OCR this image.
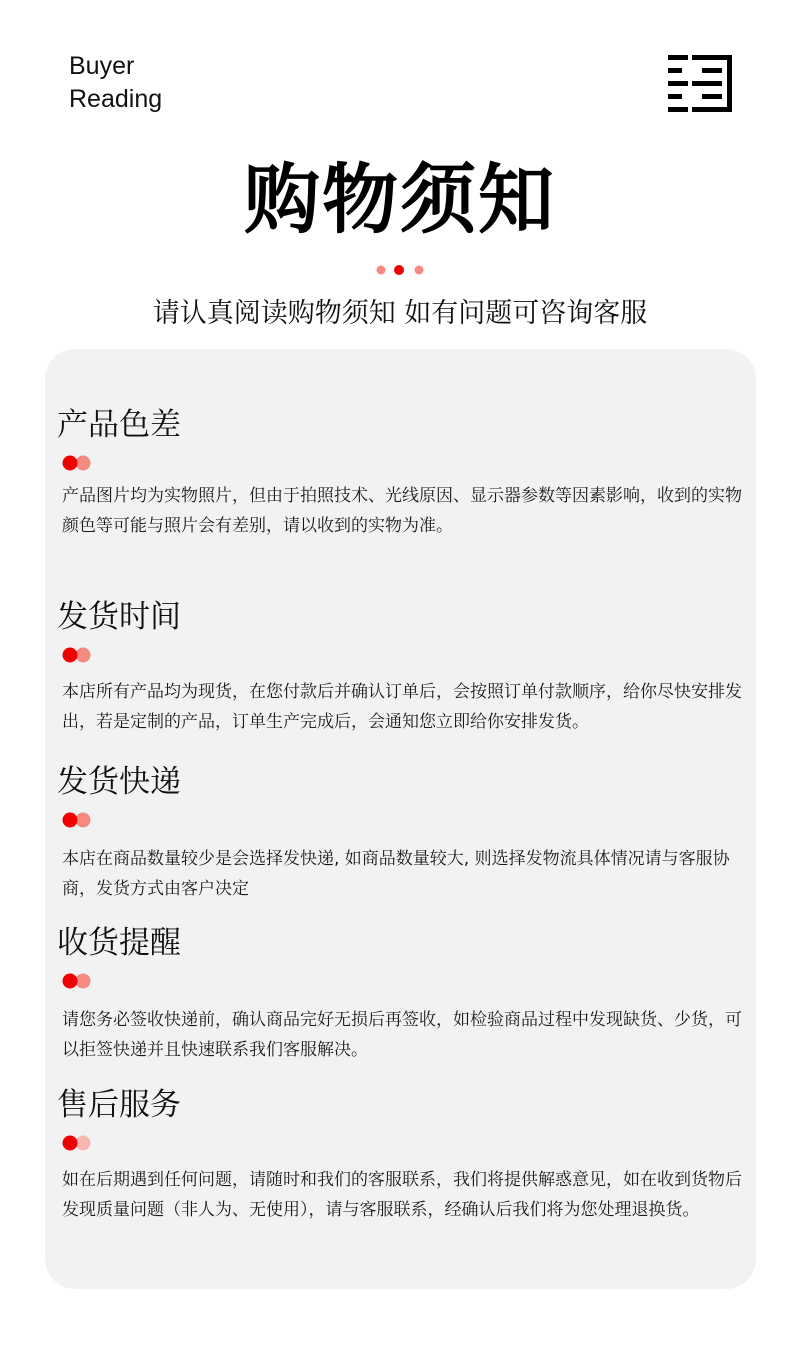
Buyer
Reading
购物须知
请认真阅读购物须知 如有问题可咨询客服
产品色差
产品图片均为实物照片，但由于拍照技术、光线原因、显示器参数等因素影响，收到的实物颜色等可能与照片会有差别，请以收到的实物为准。
发货时间
本店所有产品均为现货，在您付款后并确认订单后，会按照订单付款顺序，给你尽快安排发出，若是定制的产品，订单生产完成后，会通知您立即给你安排发货。
发货快递
本店在商品数量较少是会选择发快递, 如商品数量较大, 则选择发物流具体情况请与客服协商，发货方式由客户决定
收货提醒
请您务必签收快递前，确认商品完好无损后再签收，如检验商品过程中发现缺货、少货，可以拒签快递并且快速联系我们客服解决。
售后服务
如在后期遇到任何问题，请随时和我们的客服联系，我们将提供解惑意见，如在收到货物后发现质量问题（非人为、无使用），请与客服联系，经确认后我们将为您处理退换货。
